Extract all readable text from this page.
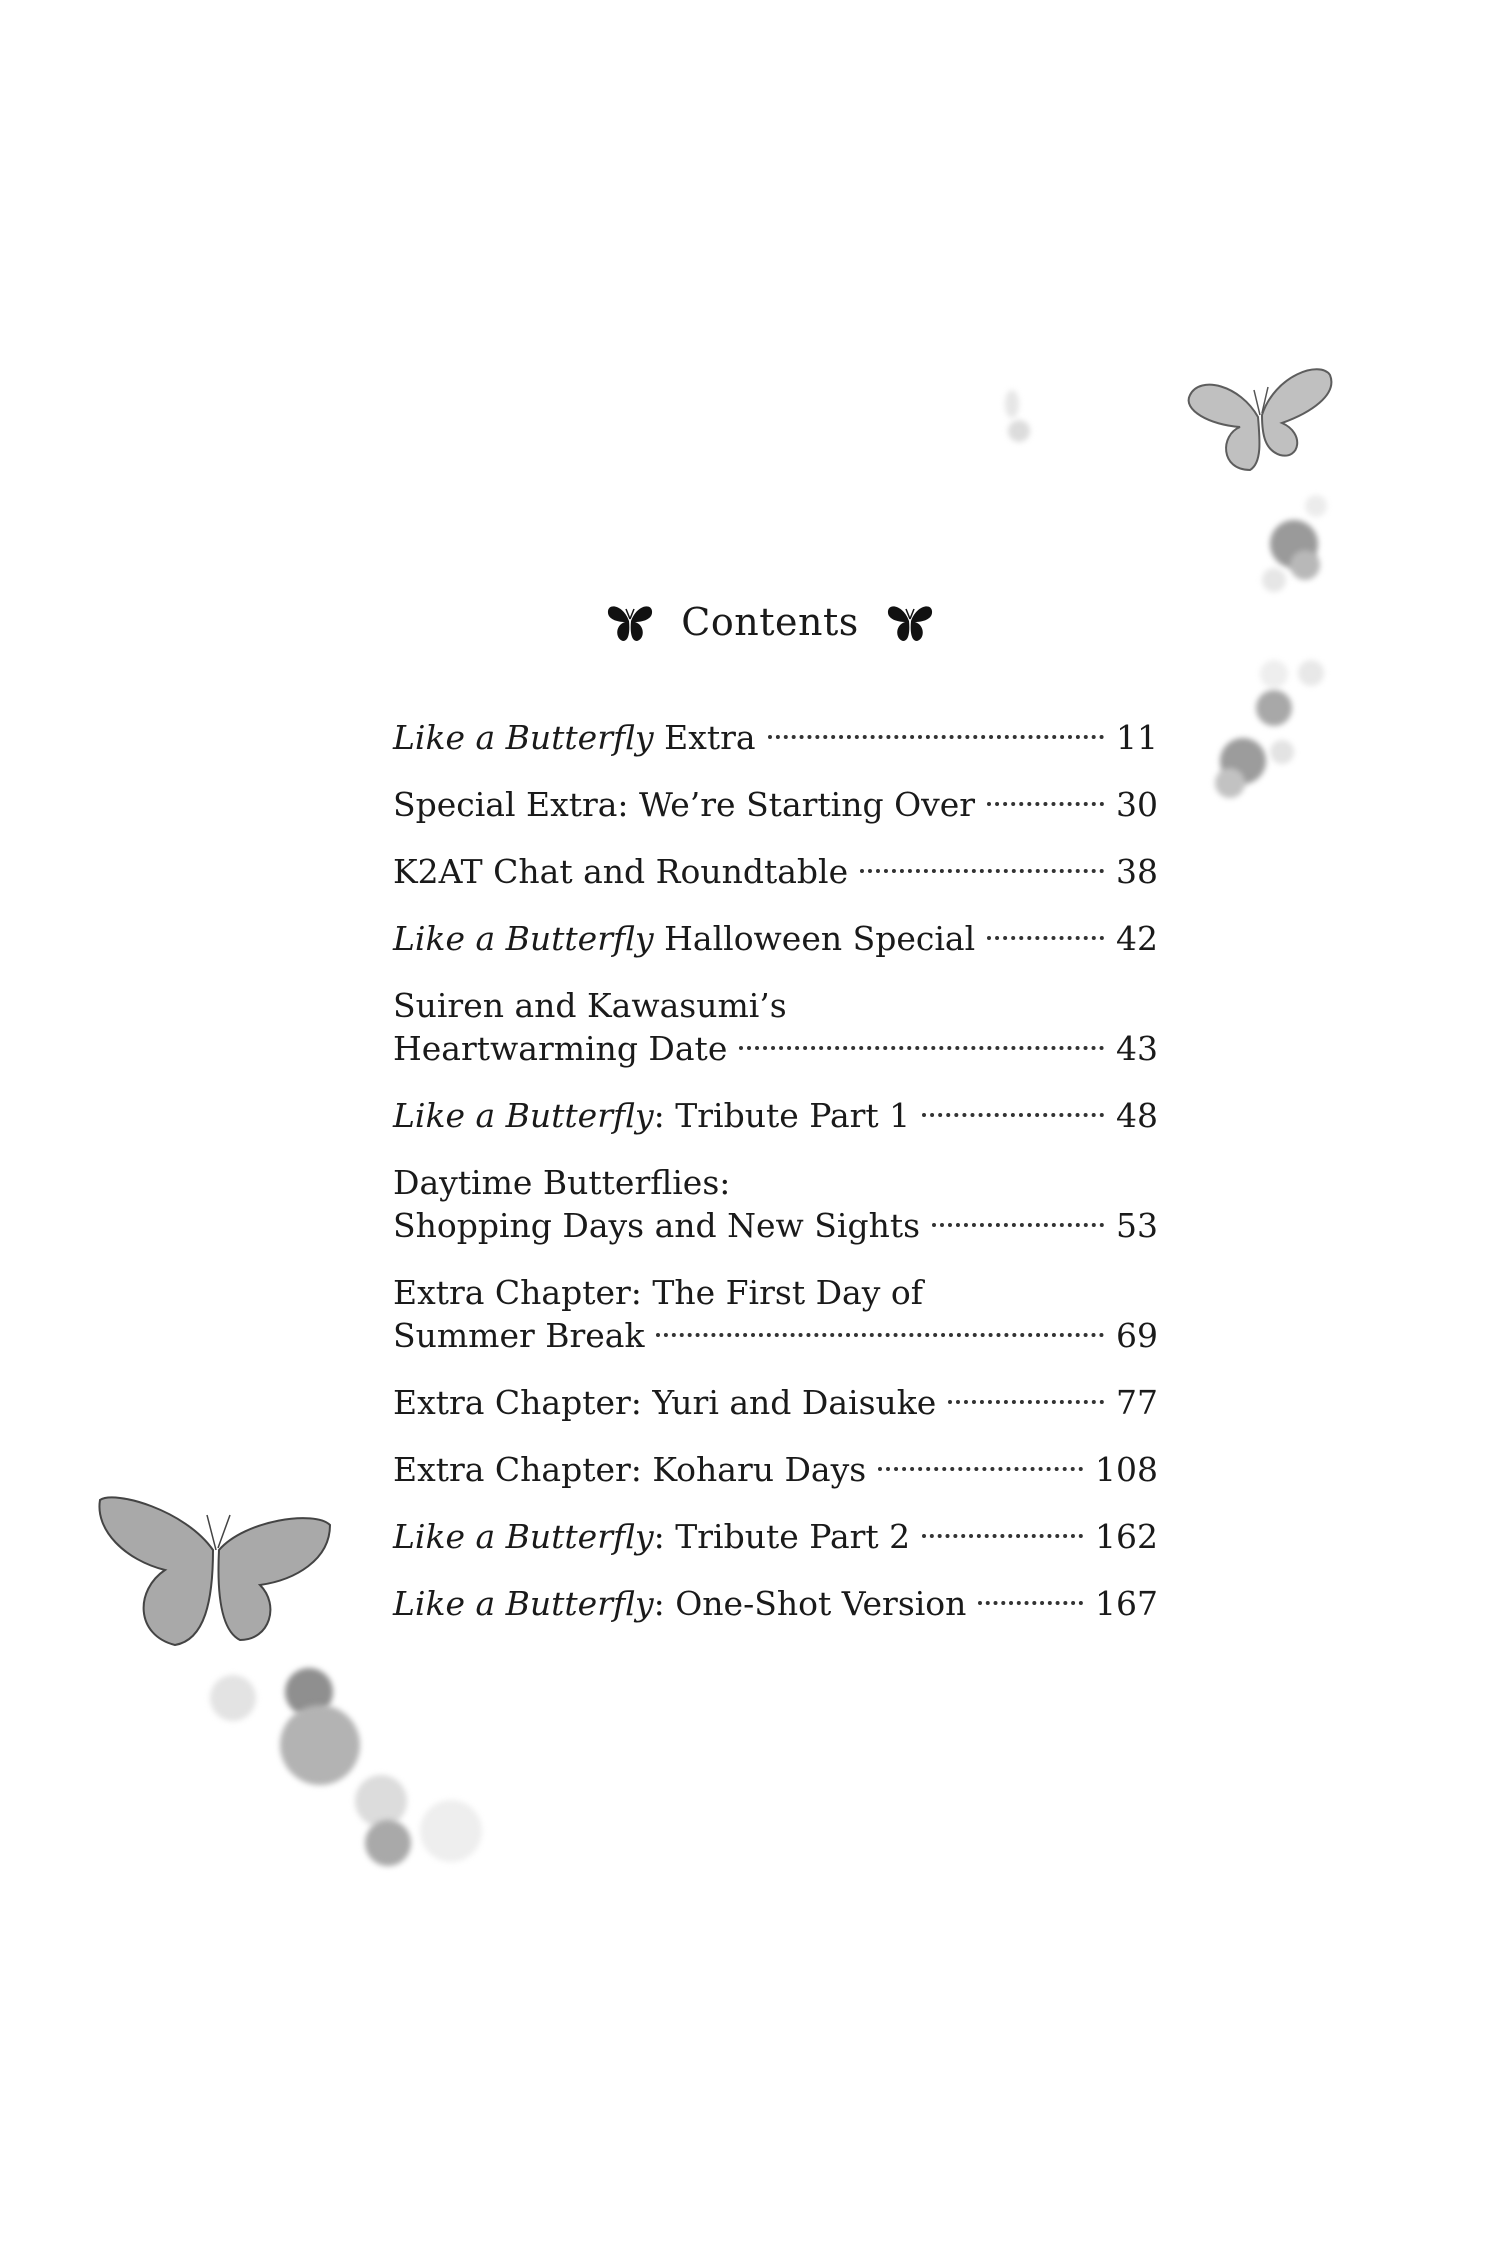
Contents
Like a Butterfly Extra	11
Special Extra: We’re Starting Over	30
K2AT Chat and Roundtable	38
Like a Butterfly Halloween Special	42
Suiren and Kawasumi’s
Heartwarming Date	43
Like a Butterfly: Tribute Part 1	48
Daytime Butterflies:
Shopping Days and New Sights	53
Extra Chapter: The First Day of
Summer Break	69
Extra Chapter: Yuri and Daisuke	77
Extra Chapter: Koharu Days	108
Like a Butterfly: Tribute Part 2	162
Like a Butterfly: One-Shot Version	167
